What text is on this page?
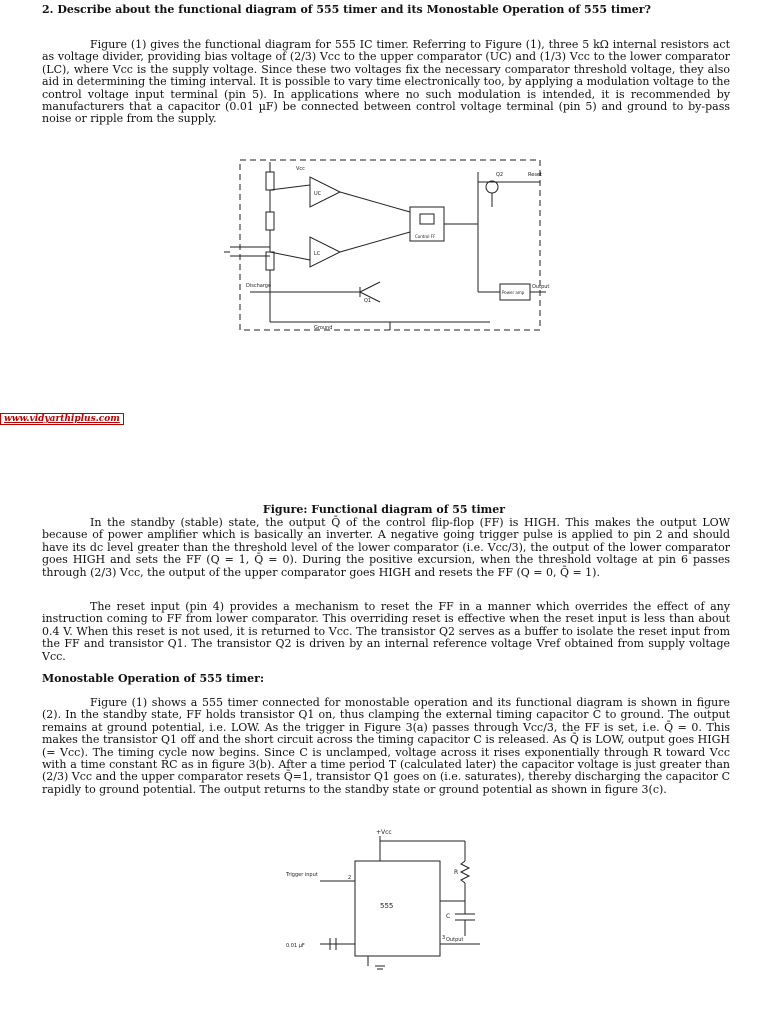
2. Describe about the functional diagram of 555 timer and its Monostable Operation of 555 timer?

Figure (1) gives the functional diagram for 555 IC timer. Referring to Figure (1), three 5 kΩ internal resistors act as voltage divider, providing bias voltage of (2/3) Vcc to the upper comparator (UC) and (1/3) Vcc to the lower comparator (LC), where Vcc is the supply voltage. Since these two voltages fix the necessary comparator threshold voltage, they also aid in determining the timing interval. It is possible to vary time electronically too, by applying a modulation voltage to the control voltage input terminal (pin 5). In applications where no such modulation is intended, it is recommended by manufacturers that a capacitor (0.01 µF) be connected between control voltage terminal (pin 5) and ground to by-pass noise or ripple from the supply.

Vcc
Q2	Reset
UC
LC
Control FF
Discharge
Q1
Power amp
Output
Ground
www.vidyarthiplus.com
Figure: Functional diagram of 55 timer

In the standby (stable) state, the output Q̄ of the control flip-flop (FF) is HIGH. This makes the output LOW because of power amplifier which is basically an inverter. A negative going trigger pulse is applied to pin 2 and should have its dc level greater than the threshold level of the lower comparator (i.e. Vcc/3), the output of the lower comparator goes HIGH and sets the FF (Q = 1, Q̄ = 0). During the positive excursion, when the threshold voltage at pin 6 passes through (2/3) Vcc, the output of the upper comparator goes HIGH and resets the FF (Q = 0, Q̄ = 1).

The reset input (pin 4) provides a mechanism to reset the FF in a manner which overrides the effect of any instruction coming to FF from lower comparator. This overriding reset is effective when the reset input is less than about 0.4 V. When this reset is not used, it is returned to Vcc. The transistor Q2 serves as a buffer to isolate the reset input from the FF and transistor Q1. The transistor Q2 is driven by an internal reference voltage Vref obtained from supply voltage Vcc.

Monostable Operation of 555 timer:

Figure (1) shows a 555 timer connected for monostable operation and its functional diagram is shown in figure (2). In the standby state, FF holds transistor Q1 on, thus clamping the external timing capacitor C to ground. The output remains at ground potential, i.e. LOW. As the trigger in Figure 3(a) passes through Vcc/3, the FF is set, i.e. Q̄ = 0. This makes the transistor Q1 off and the short circuit across the timing capacitor C is released. As Q̄ is LOW, output goes HIGH (= Vcc). The timing cycle now begins. Since C is unclamped, voltage across it rises exponentially through R toward Vcc with a time constant RC as in figure 3(b). After a time period T (calculated later) the capacitor voltage is just greater than (2/3) Vcc and the upper comparator resets Q̄=1, transistor Q1 goes on (i.e. saturates), thereby discharging the capacitor C rapidly to ground potential. The output returns to the standby state or ground potential as shown in figure 3(c).

+Vcc
Trigger input	2
555
R
C
0.01 µF
Output
3
